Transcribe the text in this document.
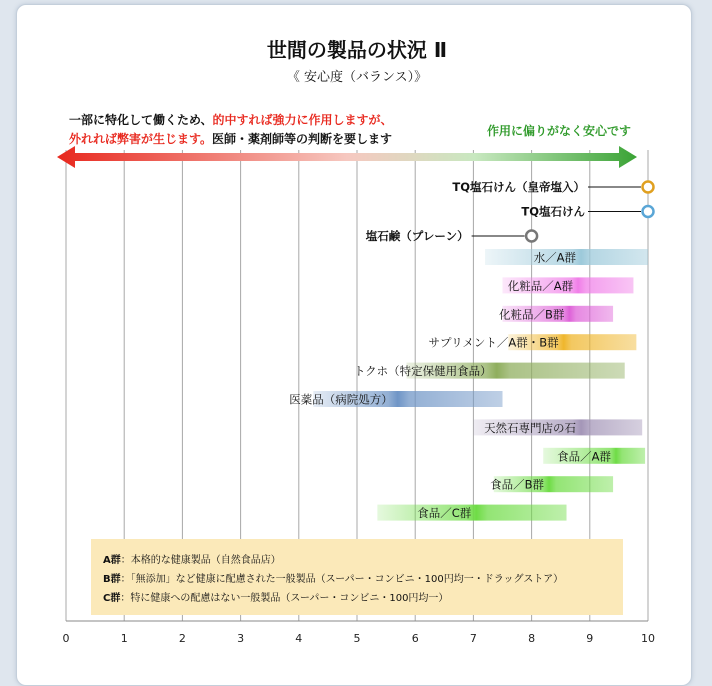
世間の製品の状況 Ⅱ
《 安心度（バランス）》
一部に特化して働くため、的中すれば強力に作用しますが、
外れれば弊害が生じます。医師・薬剤師等の判断を要します
作用に偏りがなく安心です
A群：本格的な健康製品（自然食品店）
B群：「無添加」など健康に配慮された一般製品（スーパー・コンビニ・100円均一・ドラッグストア）
C群：特に健康への配慮はない一般製品（スーパー・コンビニ・100円均一）
水／A群
化粧品／A群
化粧品／B群
サプリメント／A群・B群
トクホ（特定保健用食品）
医薬品（病院処方）
天然石専門店の石
食品／A群
食品／B群
食品／C群
TQ塩石けん（皇帝塩入）
TQ塩石けん
塩石鹸（プレーン）
0	1	2	3	4	5	6	7	8	9	10
